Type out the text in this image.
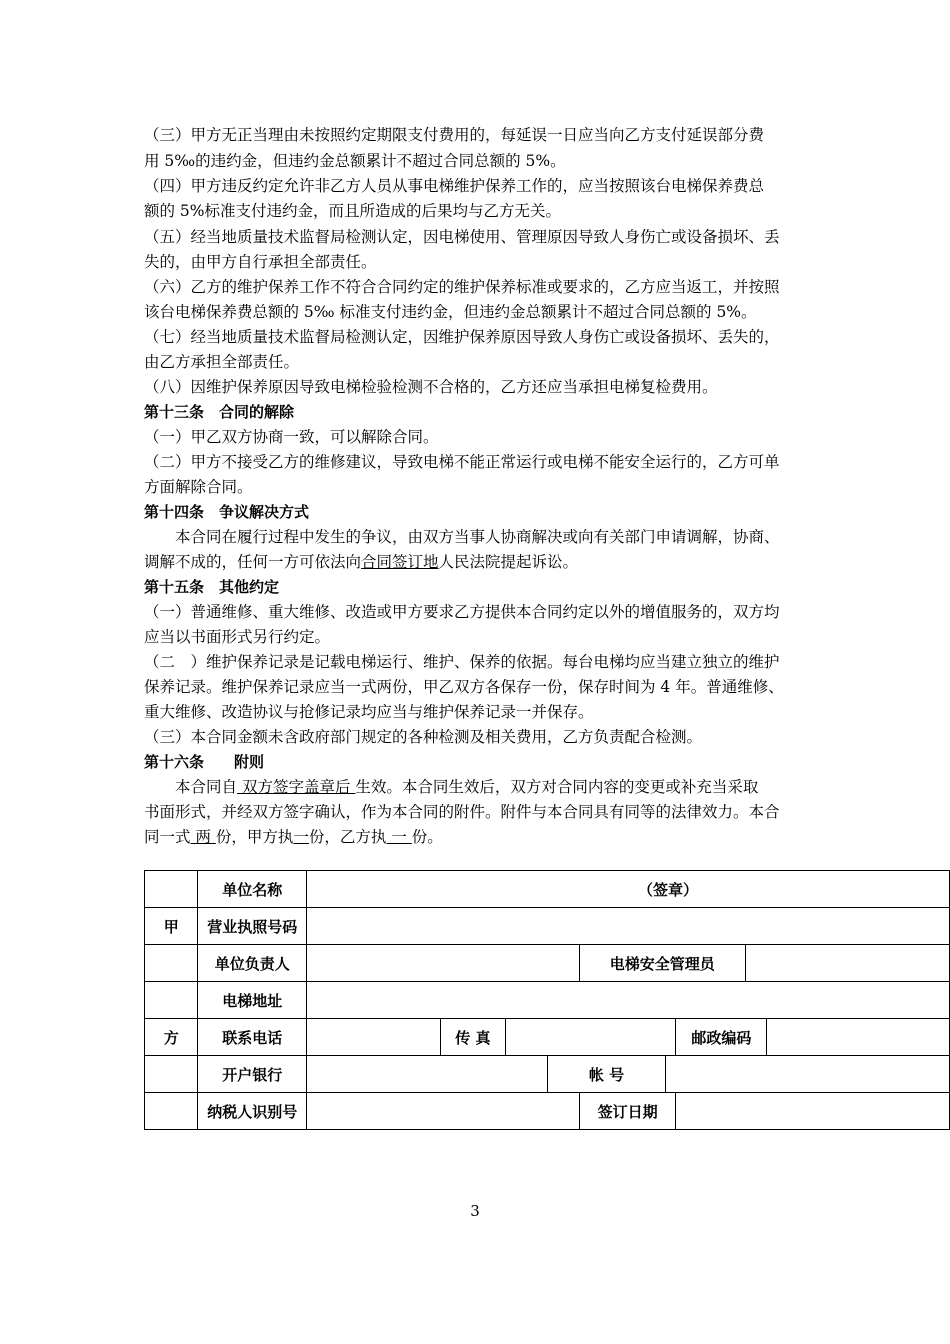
（三）甲方无正当理由未按照约定期限支付费用的，每延误一日应当向乙方支付延误部分费
用 5‰的违约金，但违约金总额累计不超过合同总额的 5%。
（四）甲方违反约定允许非乙方人员从事电梯维护保养工作的，应当按照该台电梯保养费总
额的 5%标准支付违约金，而且所造成的后果均与乙方无关。
（五）经当地质量技术监督局检测认定，因电梯使用、管理原因导致人身伤亡或设备损坏、丢
失的，由甲方自行承担全部责任。
（六）乙方的维护保养工作不符合合同约定的维护保养标准或要求的，乙方应当返工，并按照
该台电梯保养费总额的 5‰ 标准支付违约金，但违约金总额累计不超过合同总额的 5%。
（七）经当地质量技术监督局检测认定，因维护保养原因导致人身伤亡或设备损坏、丢失的，
由乙方承担全部责任。
（八）因维护保养原因导致电梯检验检测不合格的，乙方还应当承担电梯复检费用。
第十三条　合同的解除
（一）甲乙双方协商一致，可以解除合同。
（二）甲方不接受乙方的维修建议，导致电梯不能正常运行或电梯不能安全运行的，乙方可单
方面解除合同。
第十四条　争议解决方式
　　本合同在履行过程中发生的争议，由双方当事人协商解决或向有关部门申请调解，协商、
调解不成的，任何一方可依法向合同签订地人民法院提起诉讼。
第十五条　其他约定
（一）普通维修、重大维修、改造或甲方要求乙方提供本合同约定以外的增值服务的，双方均
应当以书面形式另行约定。
（二　）维护保养记录是记载电梯运行、维护、保养的依据。每台电梯均应当建立独立的维护
保养记录。维护保养记录应当一式两份，甲乙双方各保存一份，保存时间为 4 年。普通维修、
重大维修、改造协议与抢修记录均应当与维护保养记录一并保存。
（三）本合同金额未含政府部门规定的各种检测及相关费用，乙方负责配合检测。
第十六条　　附则
　　本合同自 双方签字盖章后 生效。本合同生效后，双方对合同内容的变更或补充当采取
书面形式，并经双方签字确认，作为本合同的附件。附件与本合同具有同等的法律效力。本合
同一式 两 份，甲方执一份，乙方执 一 份。
	单位名称	（签章）								
甲	营业执照号码									
	单位负责人					电梯安全管理员				
	电梯地址									
方	联系电话		传 真					邮政编码		
	开户银行				帐 号					
	纳税人识别号					签订日期				
3
